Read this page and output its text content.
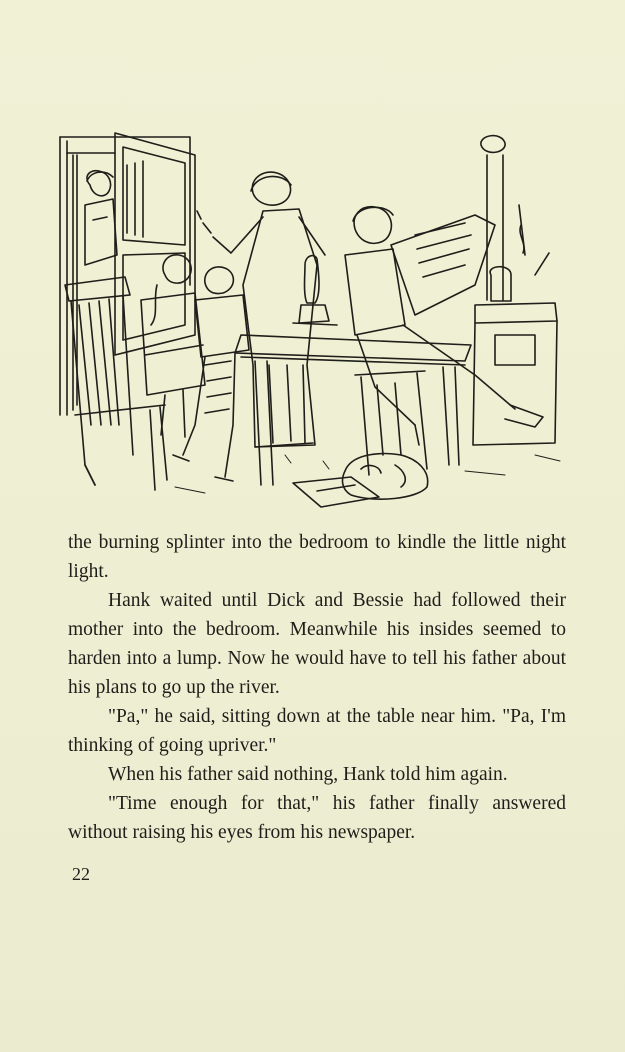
the burning splinter into the bedroom to kindle the little night light.

Hank waited until Dick and Bessie had followed their mother into the bedroom. Meanwhile his insides seemed to harden into a lump. Now he would have to tell his father about his plans to go up the river.

"Pa," he said, sitting down at the table near him. "Pa, I'm thinking of going upriver."

When his father said nothing, Hank told him again.

"Time enough for that," his father finally answered without raising his eyes from his newspaper.

22
